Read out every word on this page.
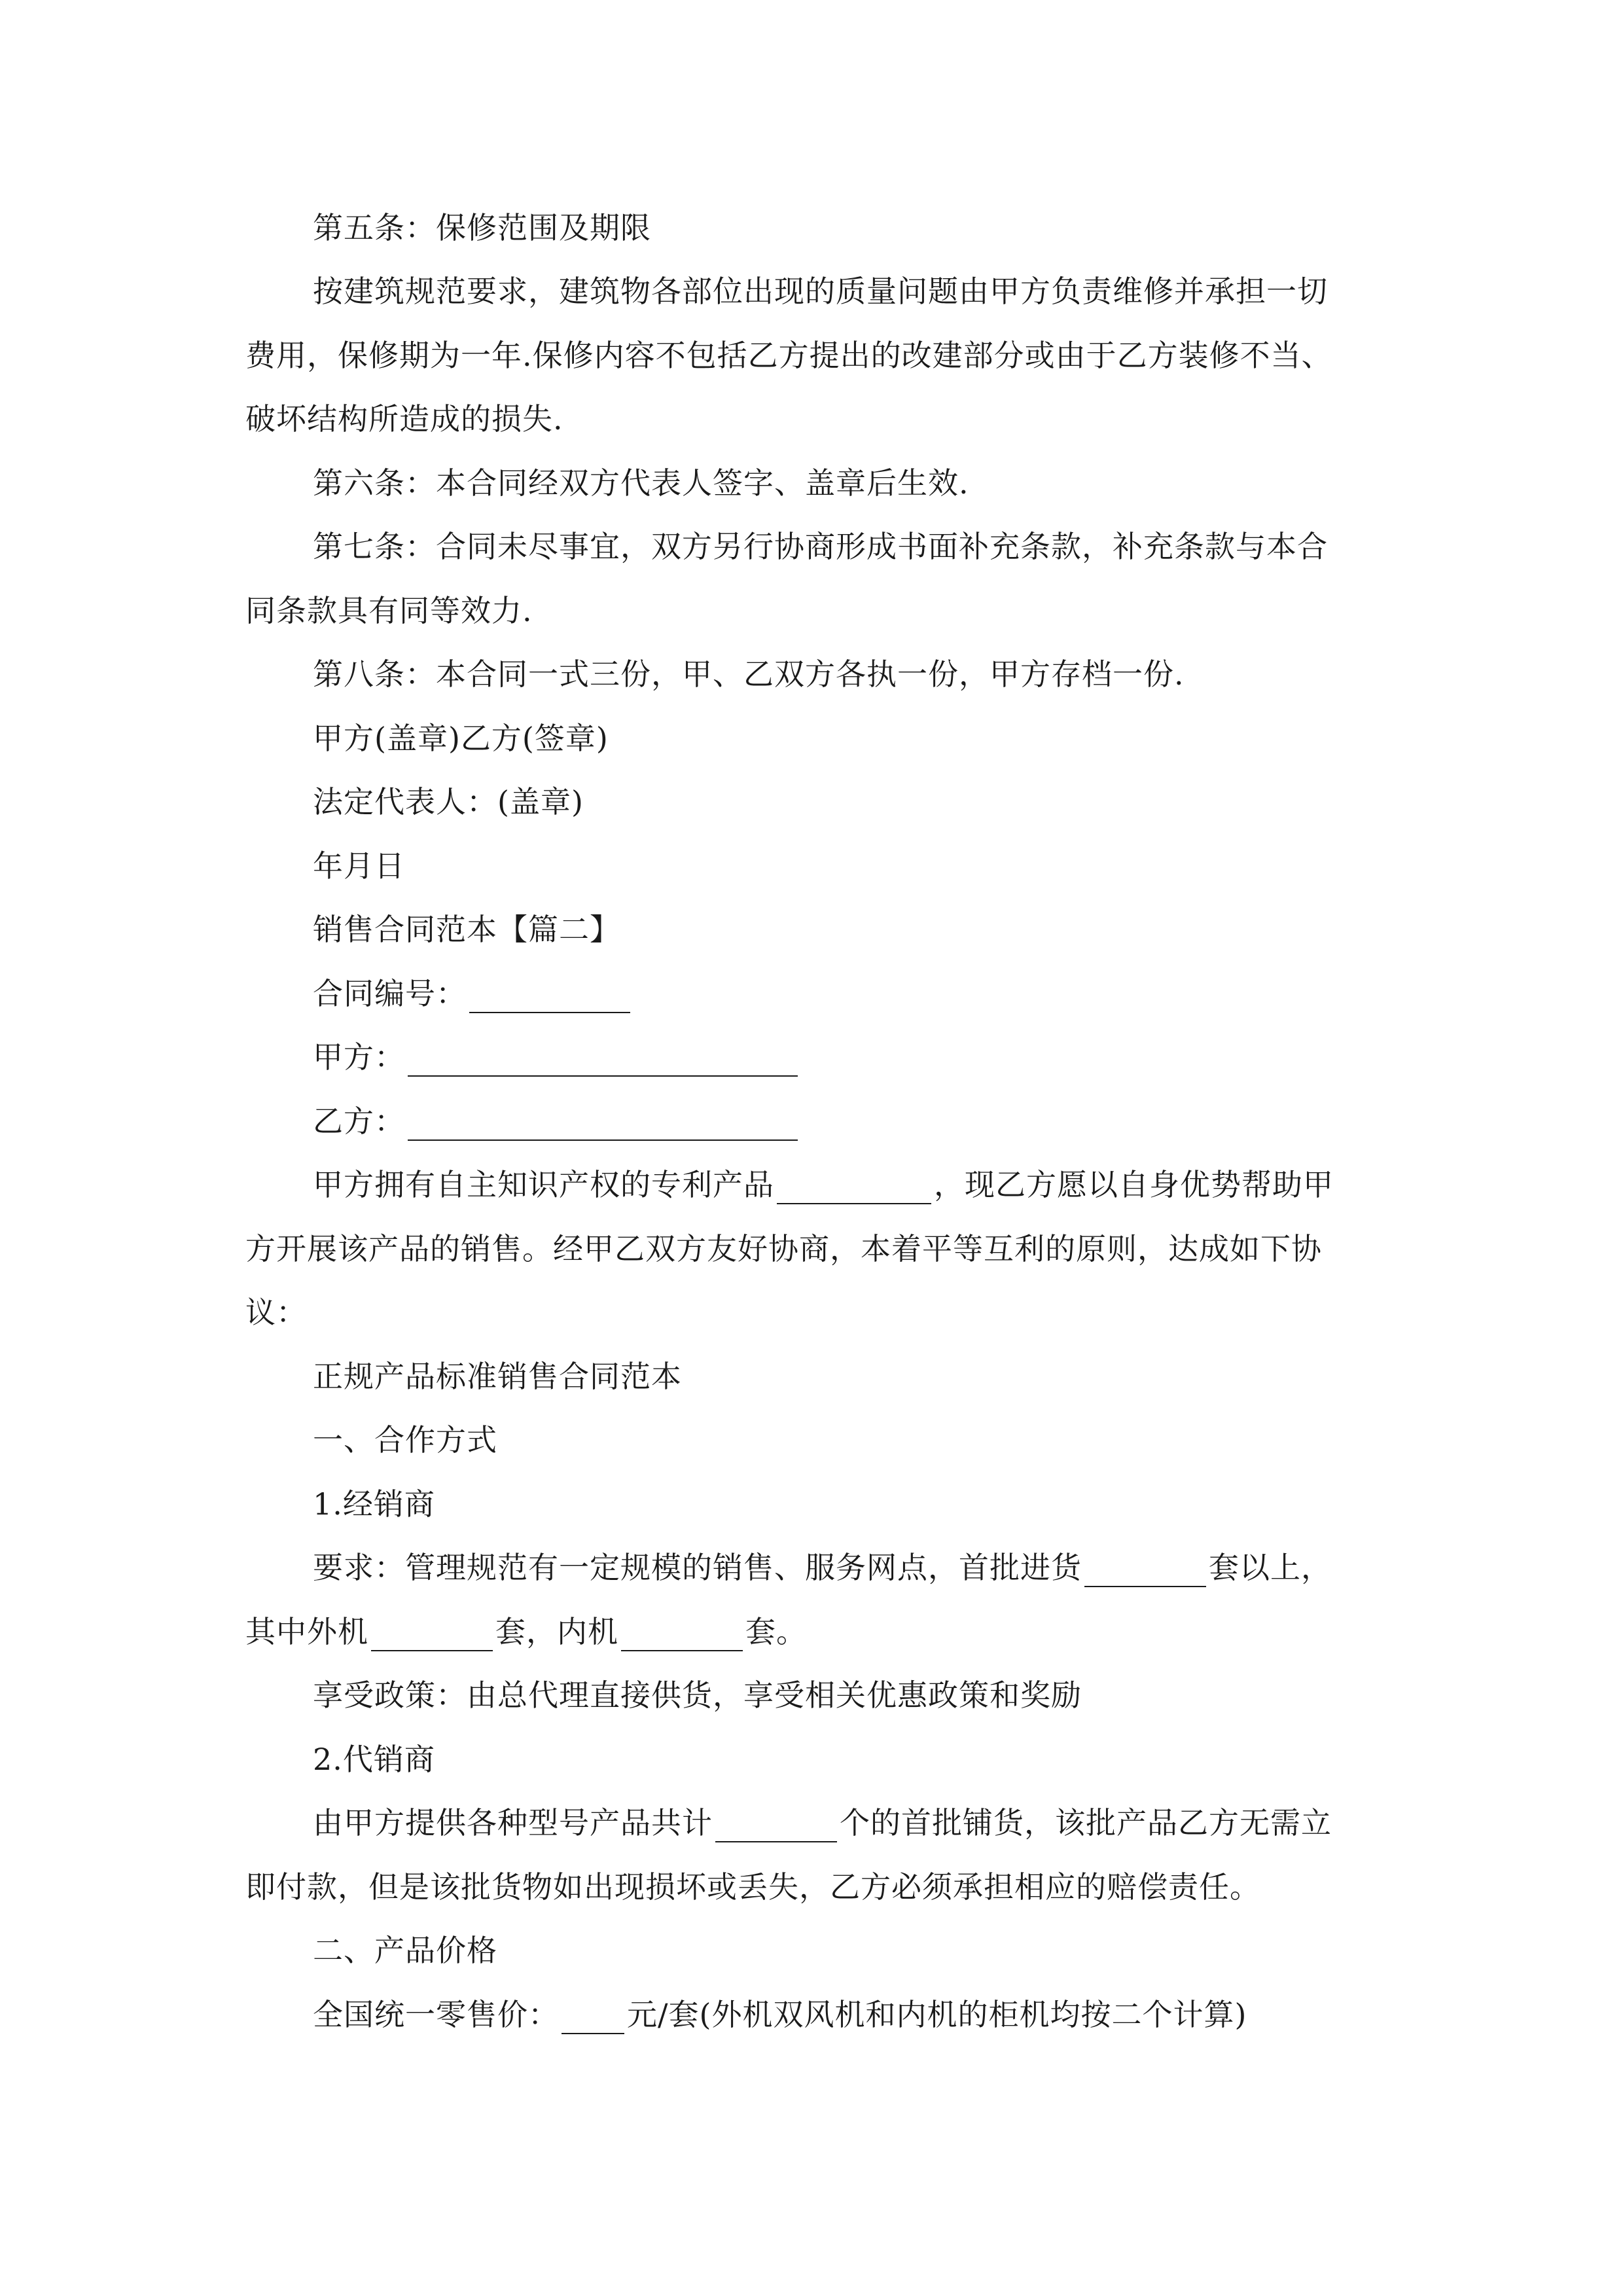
第五条：保修范围及期限
按建筑规范要求，建筑物各部位出现的质量问题由甲方负责维修并承担一切
费用，保修期为一年.保修内容不包括乙方提出的改建部分或由于乙方装修不当、
破坏结构所造成的损失.
第六条：本合同经双方代表人签字、盖章后生效.
第七条：合同未尽事宜，双方另行协商形成书面补充条款，补充条款与本合
同条款具有同等效力.
第八条：本合同一式三份，甲、乙双方各执一份，甲方存档一份.
甲方(盖章)乙方(签章)
法定代表人：(盖章)
年月日
销售合同范本【篇二】
合同编号：
甲方：
乙方：
甲方拥有自主知识产权的专利产品	，现乙方愿以自身优势帮助甲
方开展该产品的销售。经甲乙双方友好协商，本着平等互利的原则，达成如下协
议：
正规产品标准销售合同范本
一、合作方式
1.经销商
要求：管理规范有一定规模的销售、服务网点，首批进货	套以上，
其中外机	套，内机	套。
享受政策：由总代理直接供货，享受相关优惠政策和奖励
2.代销商
由甲方提供各种型号产品共计	个的首批铺货，该批产品乙方无需立
即付款，但是该批货物如出现损坏或丢失，乙方必须承担相应的赔偿责任。
二、产品价格
全国统一零售价： 元/套(外机双风机和内机的柜机均按二个计算)
